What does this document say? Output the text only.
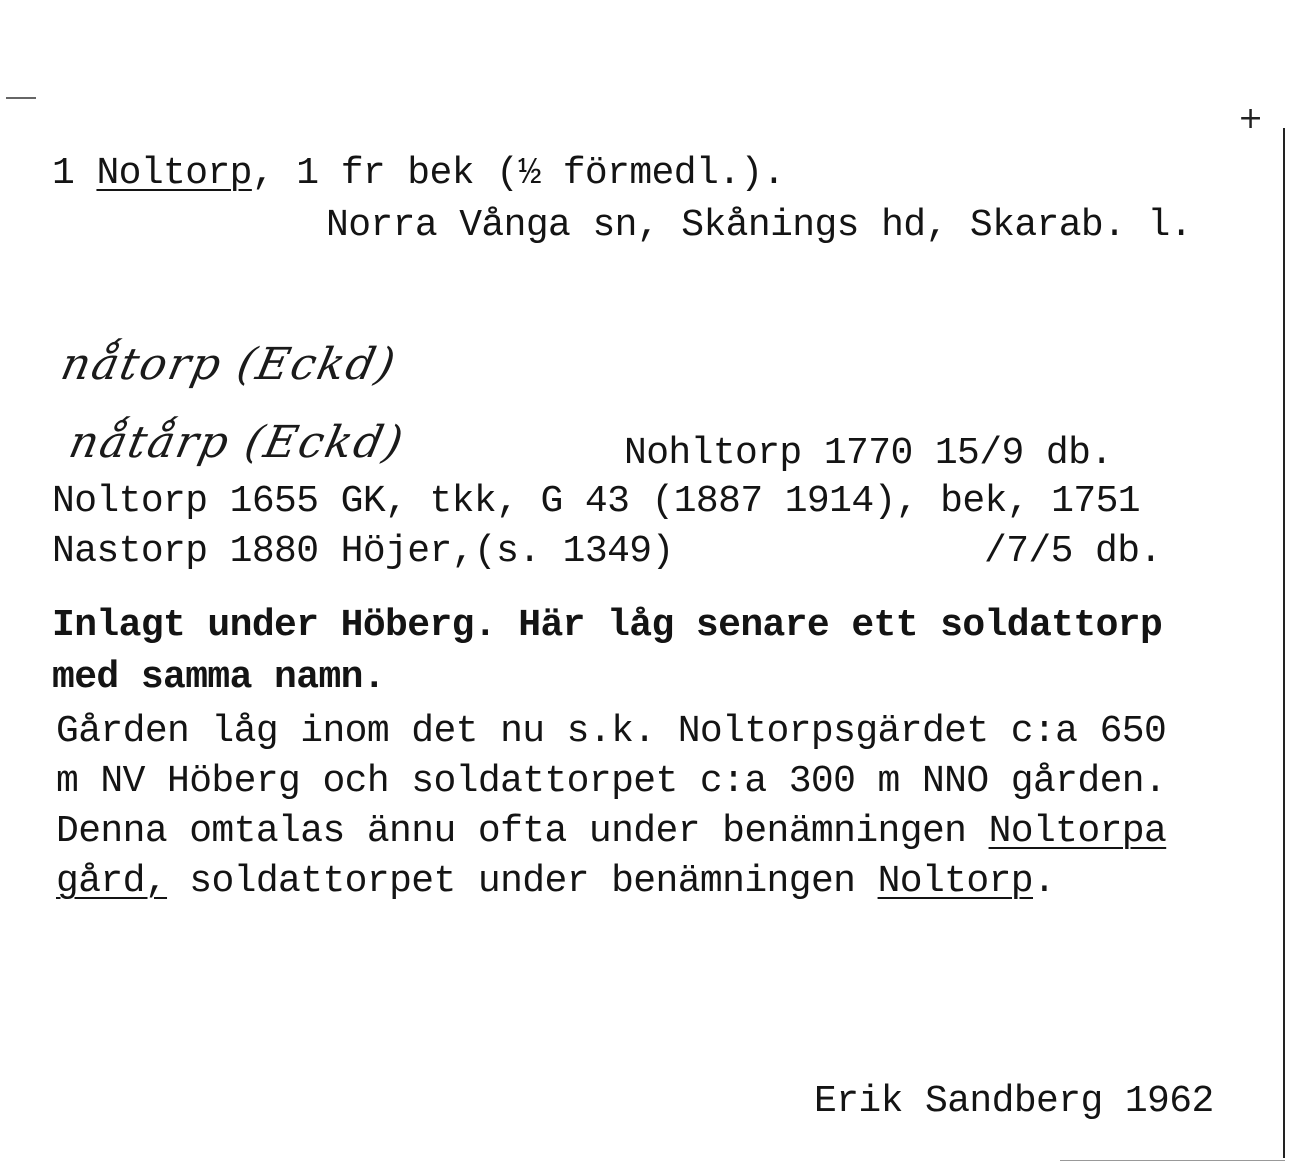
+
1 Noltorp, 1 fr bek (½ förmedl.).
Norra Vånga sn, Skånings hd, Skarab. l.
nǻtorp (Eckd)
nǻtǻrp (Eckd)	Nohltorp 1770 15/9 db.
Noltorp 1655 GK, tkk, G 43 (1887 1914), bek, 1751
Nastorp 1880 Höjer,(s. 1349)	/7/5 db.
Inlagt under Höberg. Här låg senare ett soldattorp
med samma namn.
Gården låg inom det nu s.k. Noltorpsgärdet c:a 650
m NV Höberg och soldattorpet c:a 300 m NNO gården.
Denna omtalas ännu ofta under benämningen Noltorpa
gård, soldattorpet under benämningen Noltorp.
Erik Sandberg 1962
